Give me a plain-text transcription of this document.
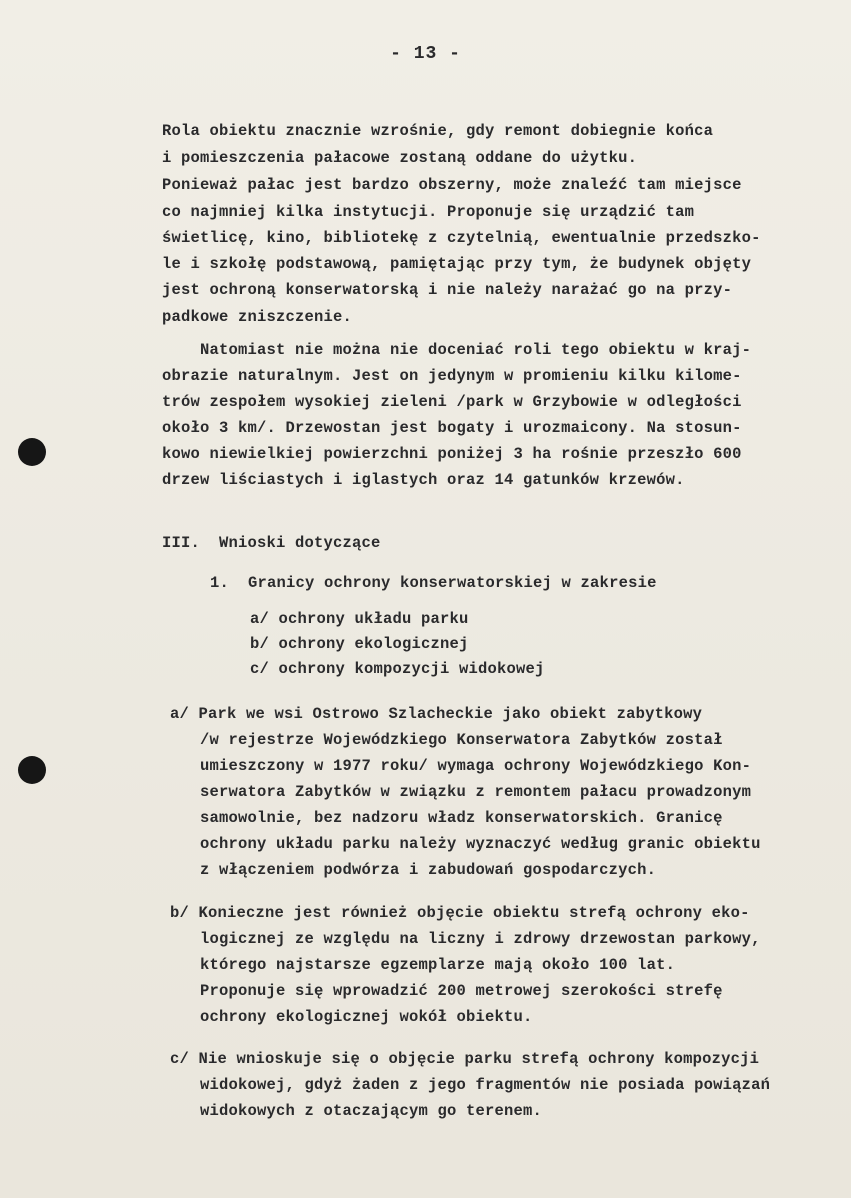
- 13 -
Rola obiektu znacznie wzrośnie, gdy remont dobiegnie końca
i pomieszczenia pałacowe zostaną oddane do użytku.
Ponieważ pałac jest bardzo obszerny, może znaleźć tam miejsce
co najmniej kilka instytucji. Proponuje się urządzić tam
świetlicę, kino, bibliotekę z czytelnią, ewentualnie przedszko-
le i szkołę podstawową, pamiętając przy tym, że budynek objęty
jest ochroną konserwatorską i nie należy narażać go na przy-
padkowe zniszczenie.
Natomiast nie można nie doceniać roli tego obiektu w kraj-
obrazie naturalnym. Jest on jedynym w promieniu kilku kilome-
trów zespołem wysokiej zieleni /park w Grzybowie w odległości
około 3 km/. Drzewostan jest bogaty i urozmaicony. Na stosun-
kowo niewielkiej powierzchni poniżej 3 ha rośnie przeszło 600
drzew liściastych i iglastych oraz 14 gatunków krzewów.
III.  Wnioski dotyczące
1.  Granicy ochrony konserwatorskiej w zakresie
a/ ochrony układu parku
b/ ochrony ekologicznej
c/ ochrony kompozycji widokowej
a/ Park we wsi Ostrowo Szlacheckie jako obiekt zabytkowy
/w rejestrze Wojewódzkiego Konserwatora Zabytków został
umieszczony w 1977 roku/ wymaga ochrony Wojewódzkiego Kon-
serwatora Zabytków w związku z remontem pałacu prowadzonym
samowolnie, bez nadzoru władz konserwatorskich. Granicę
ochrony układu parku należy wyznaczyć według granic obiektu
z włączeniem podwórza i zabudowań gospodarczych.
b/ Konieczne jest również objęcie obiektu strefą ochrony eko-
logicznej ze względu na liczny i zdrowy drzewostan parkowy,
którego najstarsze egzemplarze mają około 100 lat.
Proponuje się wprowadzić 200 metrowej szerokości strefę
ochrony ekologicznej wokół obiektu.
c/ Nie wnioskuje się o objęcie parku strefą ochrony kompozycji
widokowej, gdyż żaden z jego fragmentów nie posiada powiązań
widokowych z otaczającym go terenem.
